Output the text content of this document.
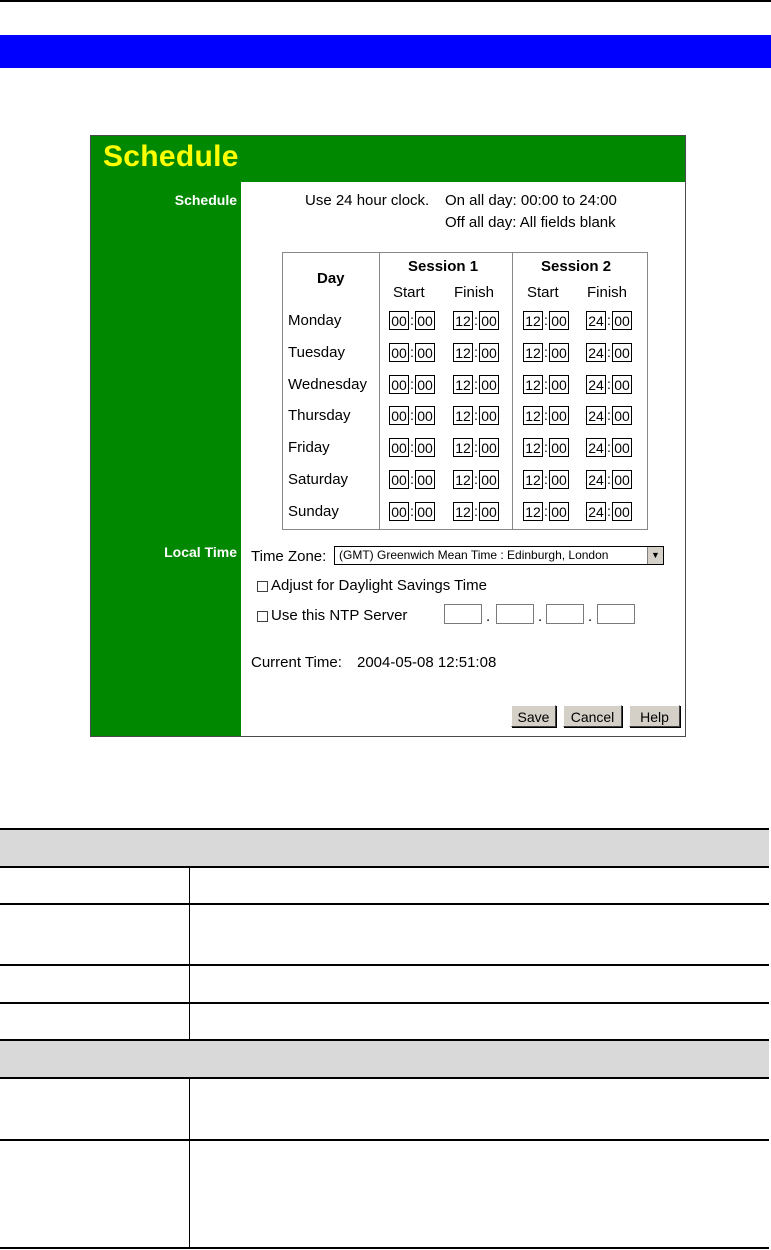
Schedule
Schedule
Local Time
Use 24 hour clock. On all day: 00:00 to 24:00
Off all day: All fields blank
Day
Session 1	Session 2
Start Finish Start Finish
Monday	00 : 00 12 : 00 12 : 00 24 : 00
Tuesday	00 : 00 12 : 00 12 : 00 24 : 00
Wednesday 00 : 00 12 : 00 12 : 00 24 : 00
Thursday	00 : 00 12 : 00 12 : 00 24 : 00
Friday	00 : 00 12 : 00 12 : 00 24 : 00
Saturday	00 : 00 12 : 00 12 : 00 24 : 00
Sunday	00 : 00 12 : 00 12 : 00 24 : 00
Time Zone:	(GMT) Greenwich Mean Time : Edinburgh, London	▼
Adjust for Daylight Savings Time
Use this NTP Server	.	.	.
Current Time: 2004-05-08 12:51:08
Save	Cancel	Help
